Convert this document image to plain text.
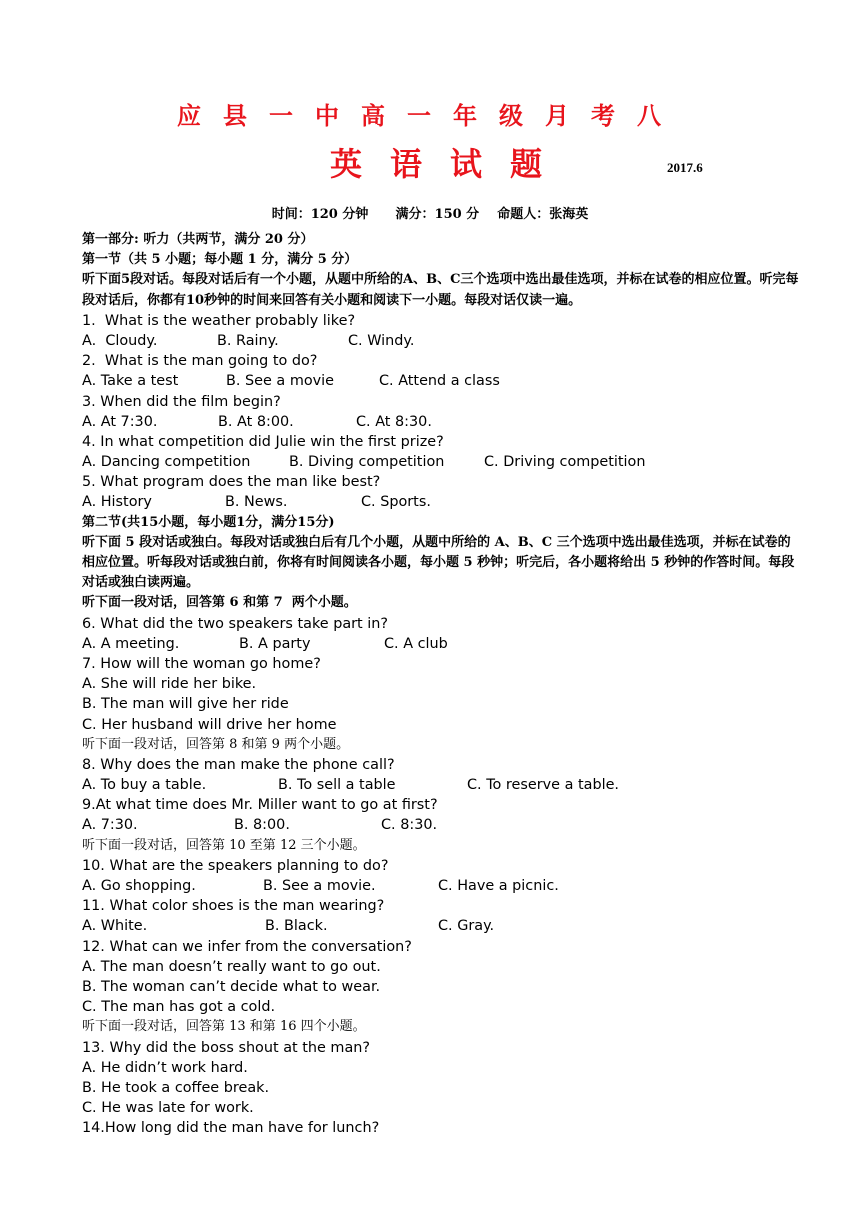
应县一中高一年级月考八
英语试题	2017.6
时间：120 分钟      满分：150 分    命题人：张海英
第一部分: 听力（共两节，满分 20 分）
第一节（共 5 小题；每小题 1 分，满分 5 分）
听下面5段对话。每段对话后有一个小题，从题中所给的A、B、C三个选项中选出最佳选项，并标在试卷的相应位置。听完每段对话后，你都有10秒钟的时间来回答有关小题和阅读下一小题。每段对话仅读一遍。
1.  What is the weather probably like?
A.  Cloudy.	B. Rainy.	C. Windy.
2.  What is the man going to do?
A. Take a test	B. See a movie	C. Attend a class
3. When did the film begin?
A. At 7:30.	B. At 8:00.	C. At 8:30.
4. In what competition did Julie win the first prize?
A. Dancing competition	B. Diving competition	C. Driving competition
5. What program does the man like best?
A. History	B. News.	C. Sports.
第二节(共15小题，每小题1分，满分15分)
听下面 5 段对话或独白。每段对话或独白后有几个小题，从题中所给的 A、B、C 三个选项中选出最佳选项，并标在试卷的相应位置。听每段对话或独白前，你将有时间阅读各小题，每小题 5 秒钟；听完后，各小题将给出 5 秒钟的作答时间。每段对话或独白读两遍。
听下面一段对话，回答第 6 和第 7  两个小题。
6. What did the two speakers take part in?
A. A meeting.	B. A party	C. A club
7. How will the woman go home?
A. She will ride her bike.
B. The man will give her ride
C. Her husband will drive her home
听下面一段对话，回答第 8 和第 9 两个小题。
8. Why does the man make the phone call?
A. To buy a table.	B. To sell a table	C. To reserve a table.
9.At what time does Mr. Miller want to go at first?
A. 7:30.	B. 8:00.	C. 8:30.
听下面一段对话，回答第 10 至第 12 三个小题。
10. What are the speakers planning to do?
A. Go shopping.	B. See a movie.	C. Have a picnic.
11. What color shoes is the man wearing?
A. White.	B. Black.	C. Gray.
12. What can we infer from the conversation?
A. The man doesn’t really want to go out.
B. The woman can’t decide what to wear.
C. The man has got a cold.
听下面一段对话，回答第 13 和第 16 四个小题。
13. Why did the boss shout at the man?
A. He didn’t work hard.
B. He took a coffee break.
C. He was late for work.
14.How long did the man have for lunch?
